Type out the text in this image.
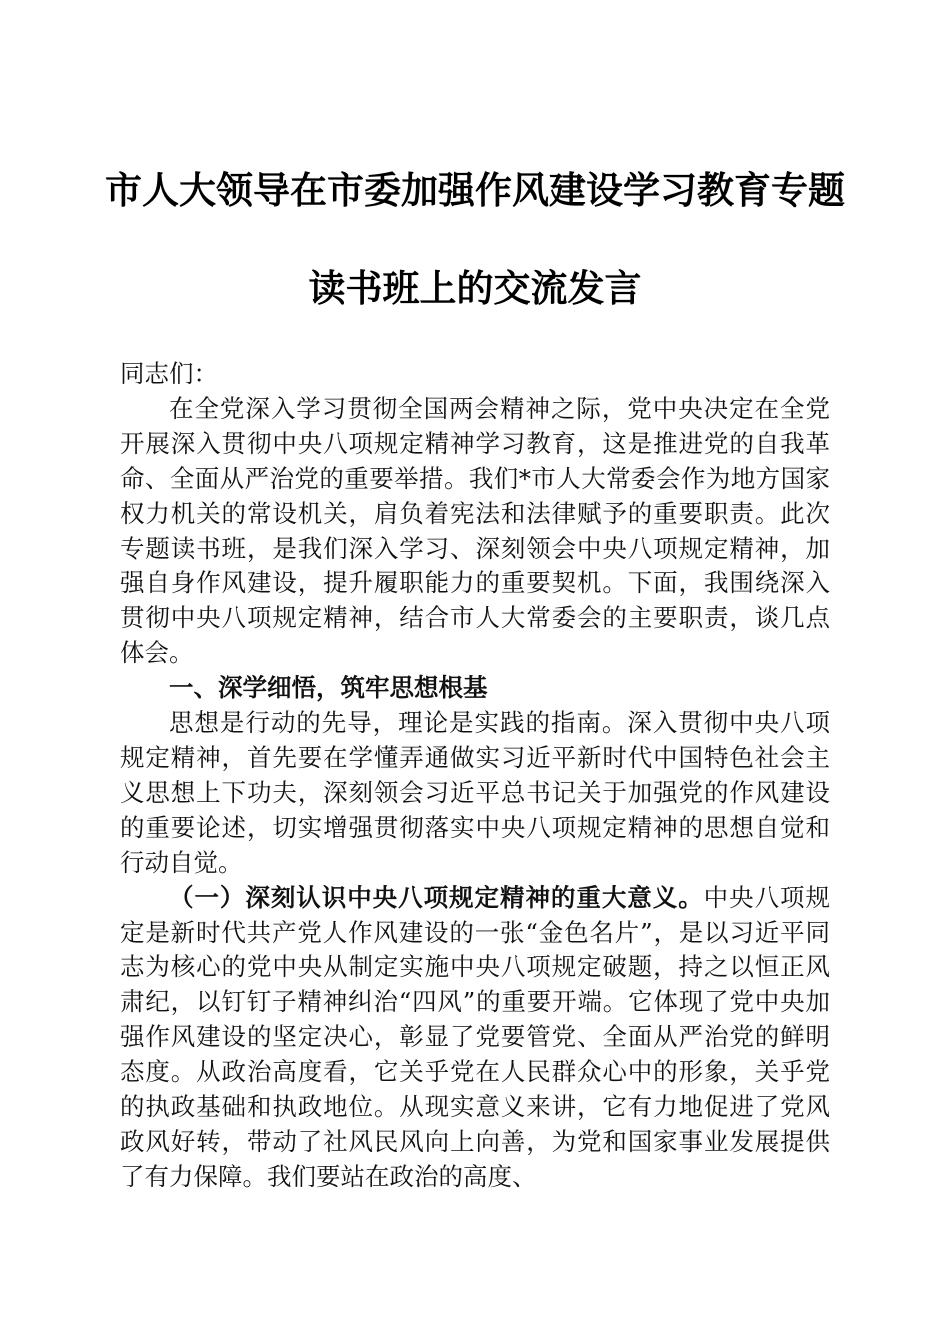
市人大领导在市委加强作风建设学习教育专题
读书班上的交流发言

同志们：

在全党深入学习贯彻全国两会精神之际，党中央决定在全党开展深入贯彻中央八项规定精神学习教育，这是推进党的自我革命、全面从严治党的重要举措。我们*市人大常委会作为地方国家权力机关的常设机关，肩负着宪法和法律赋予的重要职责。此次专题读书班，是我们深入学习、深刻领会中央八项规定精神，加强自身作风建设，提升履职能力的重要契机。下面，我围绕深入贯彻中央八项规定精神，结合市人大常委会的主要职责，谈几点体会。

一、深学细悟，筑牢思想根基

思想是行动的先导，理论是实践的指南。深入贯彻中央八项规定精神，首先要在学懂弄通做实习近平新时代中国特色社会主义思想上下功夫，深刻领会习近平总书记关于加强党的作风建设的重要论述，切实增强贯彻落实中央八项规定精神的思想自觉和行动自觉。

（一）深刻认识中央八项规定精神的重大意义。中央八项规定是新时代共产党人作风建设的一张“金色名片”，是以习近平同志为核心的党中央从制定实施中央八项规定破题，持之以恒正风肃纪，以钉钉子精神纠治“四风”的重要开端。它体现了党中央加强作风建设的坚定决心，彰显了党要管党、全面从严治党的鲜明态度。从政治高度看，它关乎党在人民群众心中的形象，关乎党的执政基础和执政地位。从现实意义来讲，它有力地促进了党风政风好转，带动了社风民风向上向善，为党和国家事业发展提供了有力保障。我们要站在政治的高度、
